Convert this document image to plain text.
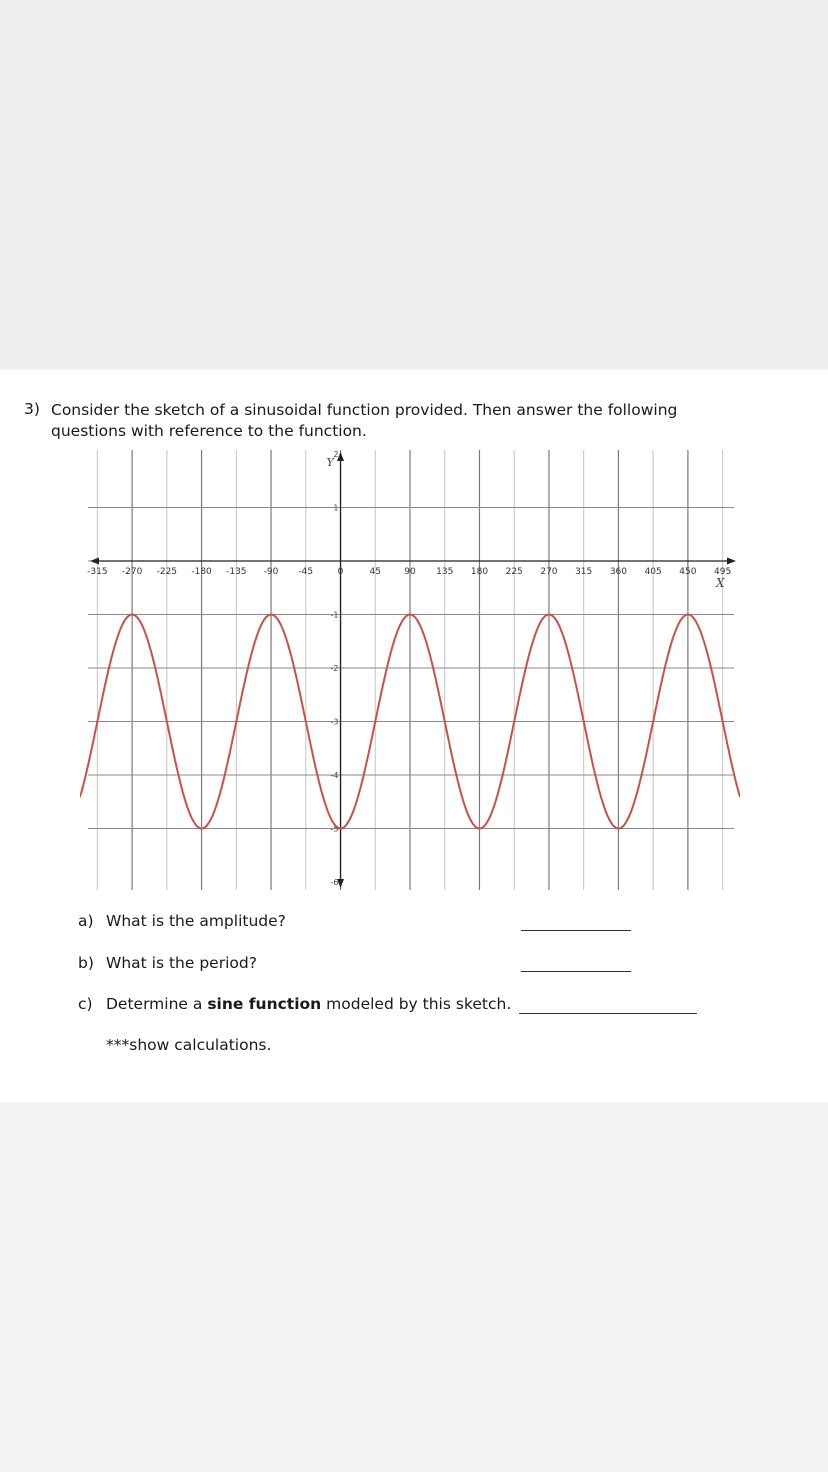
3) Consider the sketch of a sinusoidal function provided. Then answer the following questions with reference to the function.
-315 -270 -225 -180 -135 -90 -45	0	45	90 135 180 225 270 315 360 405 450 495
2
1
-1
-2
-3
-4
-5
-6
Y
X
a) What is the amplitude?
b) What is the period?
c) Determine a sine function modeled by this sketch.
***show calculations.
